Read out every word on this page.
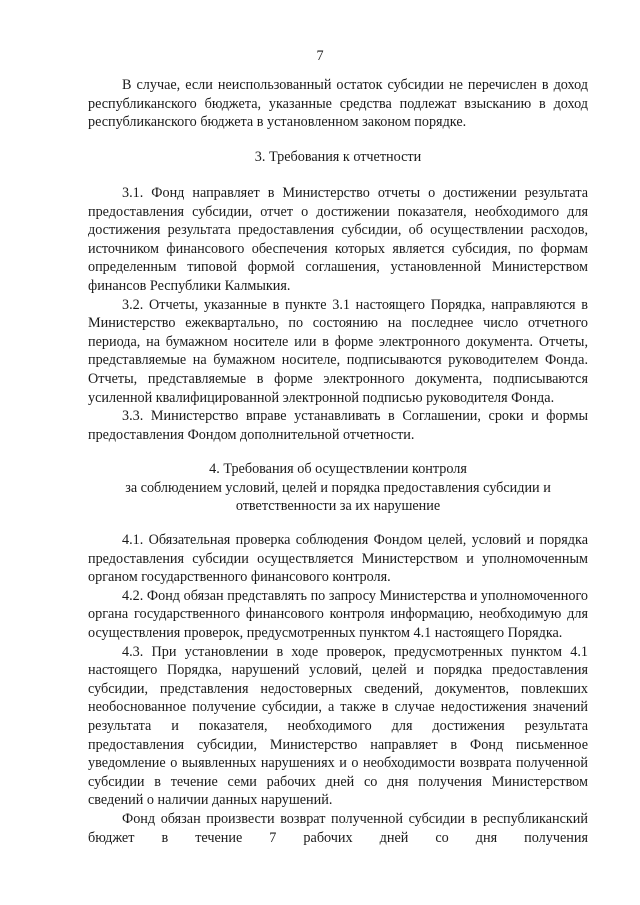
7

В случае, если неиспользованный остаток субсидии не перечислен в доход республиканского бюджета, указанные средства подлежат взысканию в доход республиканского бюджета в установленном законом порядке.

3. Требования к отчетности

3.1. Фонд направляет в Министерство отчеты о достижении результата предоставления субсидии, отчет о достижении показателя, необходимого для достижения результата предоставления субсидии, об осуществлении расходов, источником финансового обеспечения которых является субсидия, по формам определенным типовой формой соглашения, установленной Министерством финансов Республики Калмыкия.

3.2. Отчеты, указанные в пункте 3.1 настоящего Порядка, направляются в Министерство ежеквартально, по состоянию на последнее число отчетного периода, на бумажном носителе или в форме электронного документа. Отчеты, представляемые на бумажном носителе, подписываются руководителем Фонда. Отчеты, представляемые в форме электронного документа, подписываются усиленной квалифицированной электронной подписью руководителя Фонда.

3.3. Министерство вправе устанавливать в Соглашении, сроки и формы предоставления Фондом дополнительной отчетности.

4. Требования об осуществлении контроля
за соблюдением условий, целей и порядка предоставления субсидии и
ответственности за их нарушение

4.1. Обязательная проверка соблюдения Фондом целей, условий и порядка предоставления субсидии осуществляется Министерством и уполномоченным органом государственного финансового контроля.

4.2. Фонд обязан представлять по запросу Министерства и уполномоченного органа государственного финансового контроля информацию, необходимую для осуществления проверок, предусмотренных пунктом 4.1 настоящего Порядка.

4.3. При установлении в ходе проверок, предусмотренных пунктом 4.1 настоящего Порядка, нарушений условий, целей и порядка предоставления субсидии, представления недостоверных сведений, документов, повлекших необоснованное получение субсидии, а также в случае недостижения значений результата и показателя, необходимого для достижения результата предоставления субсидии, Министерство направляет в Фонд письменное уведомление о выявленных нарушениях и о необходимости возврата полученной субсидии в течение семи рабочих дней со дня получения Министерством сведений о наличии данных нарушений.

Фонд обязан произвести возврат полученной субсидии в республиканский бюджет в течение 7 рабочих дней со дня получения
